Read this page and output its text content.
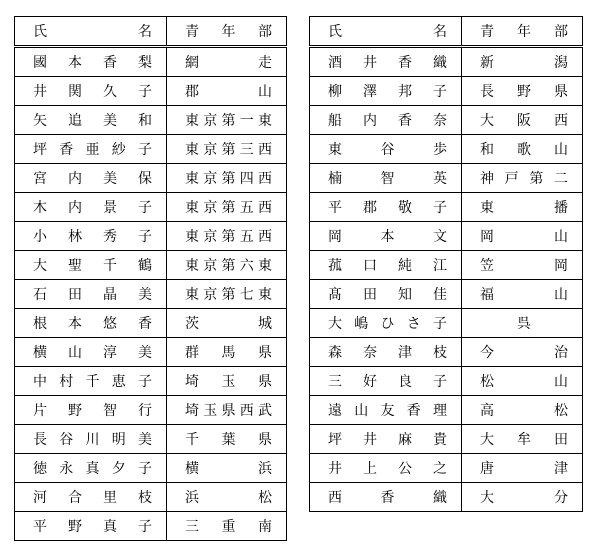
氏 名	青 年 部

國 本 香 梨	網 走

井 関 久 子	郡 山

矢 追 美 和	東 京 第 一 東

坪 香 亜 紗 子	東 京 第 三 西

宮 内 美 保	東 京 第 四 西

木 内 景 子	東 京 第 五 西

小 林 秀 子	東 京 第 五 西

大 聖 千 鶴	東 京 第 六 東

石 田 晶 美	東 京 第 七 東

根 本 悠 香	茨 城

横 山 淳 美	群 馬 県

中 村 千 恵 子	埼 玉 県

片 野 智 行	埼 玉 県 西 武

長 谷 川 明 美	千 葉 県

徳 永 真 夕 子	横 浜

河 合 里 枝	浜 松

平 野 真 子	三 重 南
氏 名	青 年 部

酒 井 香 織	新 潟

柳 澤 邦 子	長 野 県

船 内 香 奈	大 阪 西

東 谷 歩	和 歌 山

楠 智 英	神 戸 第 二

平 郡 敬 子	東 播

岡 本 文	岡 山

菰 口 純 江	笠 岡

髙 田 知 佳	福 山

大 嶋 ひ さ 子	呉

森 奈 津 枝	今 治

三 好 良 子	松 山

遠 山 友 香 理	高 松

坪 井 麻 貴	大 牟 田

井 上 公 之	唐 津

西 香 織	大 分
